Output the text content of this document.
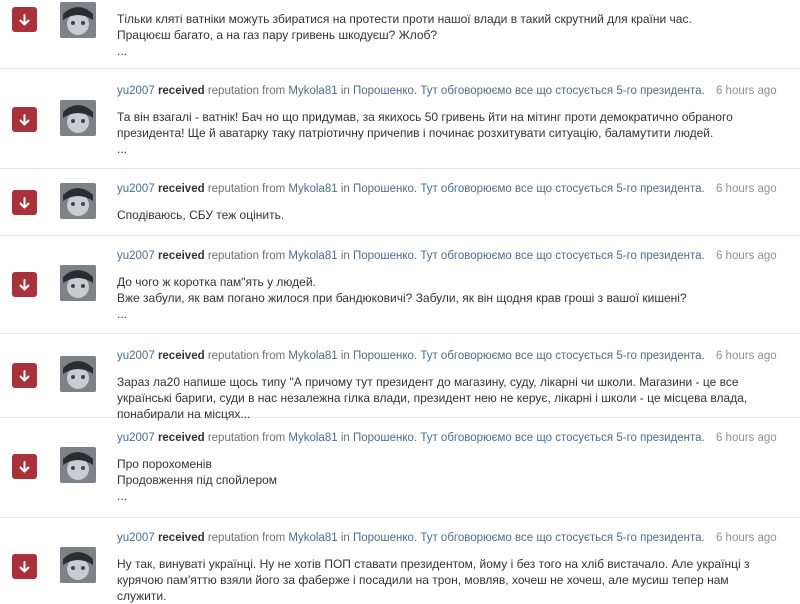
Тільки кляті ватніки можуть збиратися на протести проти нашої влади в такий скрутний для країни час.

Працюєш багато, а на газ пару гривень шкодуєш? Жлоб?

...

yu2007 received reputation from Mykola81 in Порошенко. Тут обговорюємо все що стосується 5-го президента. 6 hours ago

Та він взагалі - ватнік! Бач но що придумав, за якихось 50 гривень йти на мітинг проти демократично обраного президента! Ще й аватарку таку патріотичну причепив і починає розхитувати ситуацію, баламутити людей.

...

yu2007 received reputation from Mykola81 in Порошенко. Тут обговорюємо все що стосується 5-го президента. 6 hours ago

Сподіваюсь, СБУ теж оцінить.

yu2007 received reputation from Mykola81 in Порошенко. Тут обговорюємо все що стосується 5-го президента. 6 hours ago

До чого ж коротка пам"ять у людей.

Вже забули, як вам погано жилося при бандюковичі? Забули, як він щодня крав гроші з вашої кишені?

...

yu2007 received reputation from Mykola81 in Порошенко. Тут обговорюємо все що стосується 5-го президента. 6 hours ago

Зараз ла20 напише щось типу "А причому тут президент до магазину, суду, лікарні чи школи. Магазини - це все українські бариги, суди в нас незалежна гілка влади, президент нею не керує, лікарні і школи - це місцева влада, понабирали на місцях...

yu2007 received reputation from Mykola81 in Порошенко. Тут обговорюємо все що стосується 5-го президента. 6 hours ago

Про порохоменів

Продовження під спойлером

...

yu2007 received reputation from Mykola81 in Порошенко. Тут обговорюємо все що стосується 5-го президента. 6 hours ago

Ну так, винуваті українці. Ну не хотів ПОП ставати президентом, йому і без того на хліб вистачало. Але українці з курячою пам'яттю взяли його за фаберже і посадили на трон, мовляв, хочеш не хочеш, але мусиш тепер нам служити.
